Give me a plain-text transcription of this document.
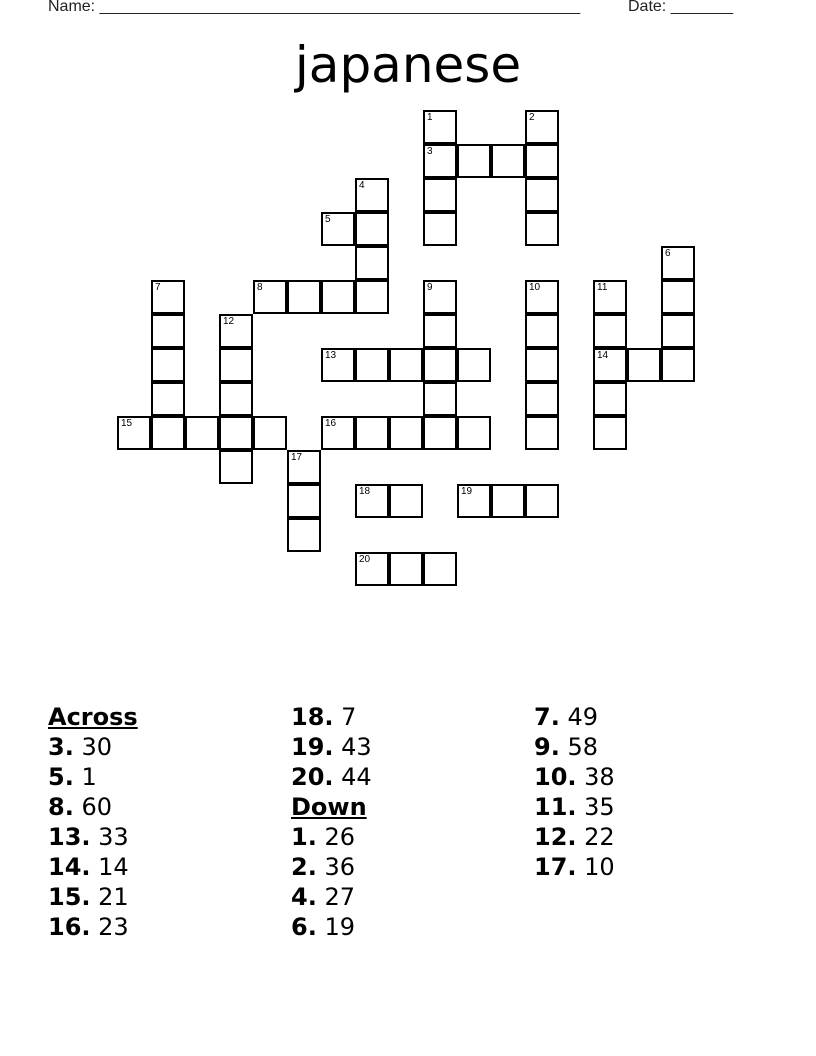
Name: ______________________________________________________	Date: _______
japanese
1	2
3
4
5
6
7	8	9	10	11
12
13	14
15	16
17
18	19
20
Across
3. 30
5. 1
8. 60
13. 33
14. 14
15. 21
16. 23
18. 7
19. 43
20. 44
Down
1. 26
2. 36
4. 27
6. 19
7. 49
9. 58
10. 38
11. 35
12. 22
17. 10
